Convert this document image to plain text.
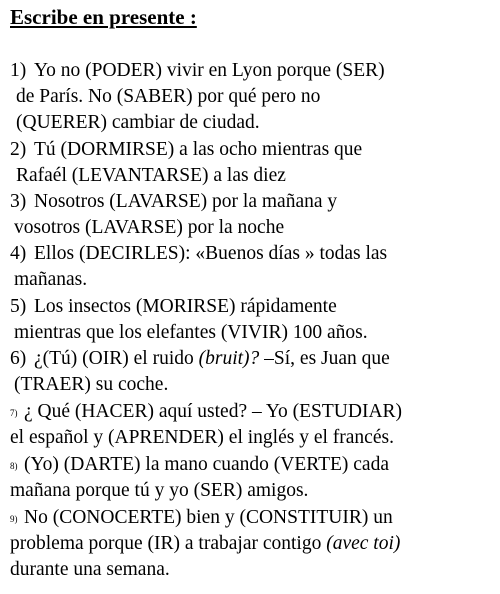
Escribe en presente :

1) Yo no (PODER) vivir en Lyon porque (SER)

de París. No (SABER) por qué pero no

(QUERER) cambiar de ciudad.

2) Tú (DORMIRSE) a las ocho mientras que

Rafaél (LEVANTARSE) a las diez

3) Nosotros (LAVARSE) por la mañana y

vosotros (LAVARSE) por la noche

4) Ellos (DECIRLES): «Buenos días » todas las

mañanas.

5) Los insectos (MORIRSE) rápidamente

mientras que los elefantes (VIVIR) 100 años.

6) ¿(Tú) (OIR) el ruido (bruit)? –Sí, es Juan que

(TRAER) su coche.

7) ¿ Qué (HACER) aquí usted? – Yo (ESTUDIAR)

el español y (APRENDER) el inglés y el francés.

8) (Yo) (DARTE) la mano cuando (VERTE) cada

mañana porque tú y yo (SER) amigos.

9) No (CONOCERTE) bien y (CONSTITUIR) un

problema porque (IR) a trabajar contigo (avec toi)

durante una semana.
